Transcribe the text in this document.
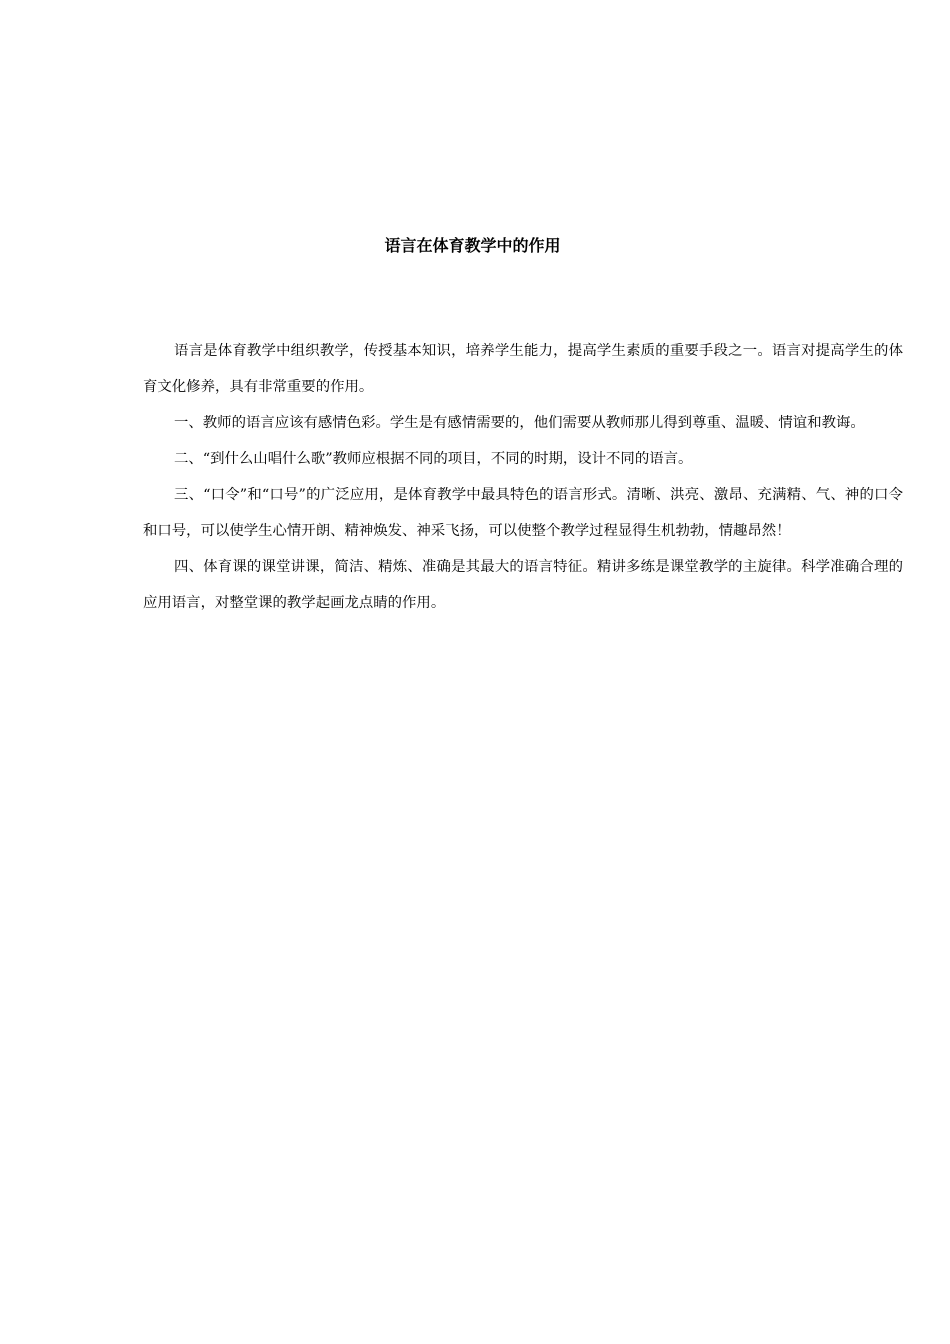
语言在体育教学中的作用

语言是体育教学中组织教学，传授基本知识，培养学生能力，提高学生素质的重要手段之一。语言对提高学生的体育文化修养，具有非常重要的作用。

一、教师的语言应该有感情色彩。学生是有感情需要的，他们需要从教师那儿得到尊重、温暖、情谊和教诲。

二、“到什么山唱什么歌”教师应根据不同的项目，不同的时期，设计不同的语言。

三、“口令”和“口号”的广泛应用，是体育教学中最具特色的语言形式。清晰、洪亮、激昂、充满精、气、神的口令和口号，可以使学生心情开朗、精神焕发、神采飞扬，可以使整个教学过程显得生机勃勃，情趣昂然！

四、体育课的课堂讲课，简洁、精炼、准确是其最大的语言特征。精讲多练是课堂教学的主旋律。科学准确合理的应用语言，对整堂课的教学起画龙点睛的作用。
